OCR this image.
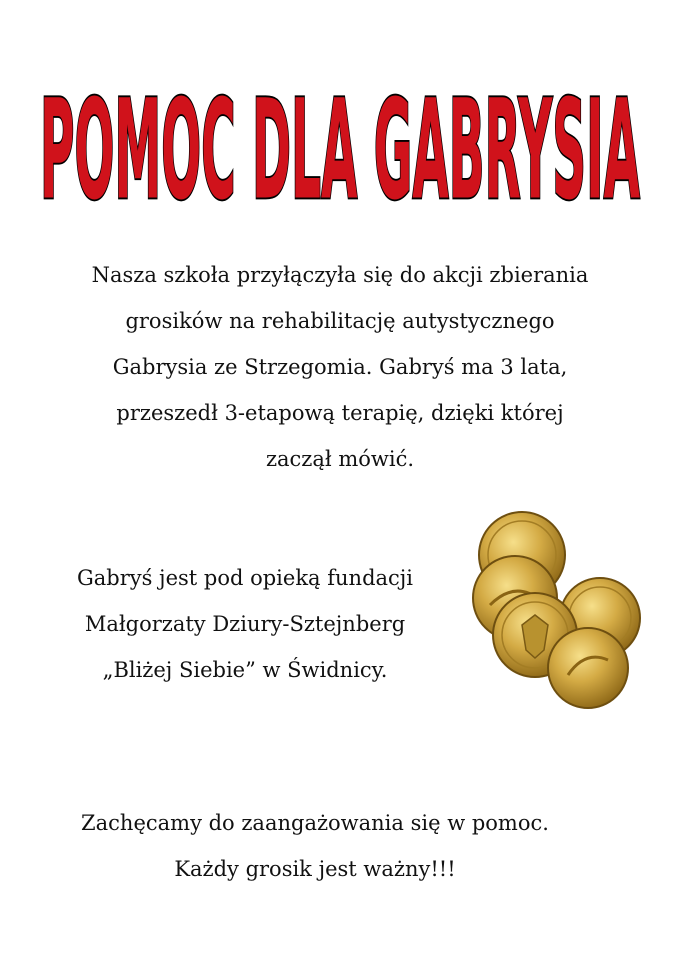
POMOC DLA GABRYSIA
Nasza szkoła przyłączyła się do akcji zbierania
grosików na rehabilitację autystycznego
Gabrysia ze Strzegomia. Gabryś ma 3 lata,
przeszedł 3-etapową terapię, dzięki której
zaczął mówić.
Gabryś jest pod opieką fundacji
Małgorzaty Dziury-Sztejnberg
„Bliżej Siebie” w Świdnicy.
Zachęcamy do zaangażowania się w pomoc.
Każdy grosik jest ważny!!!
